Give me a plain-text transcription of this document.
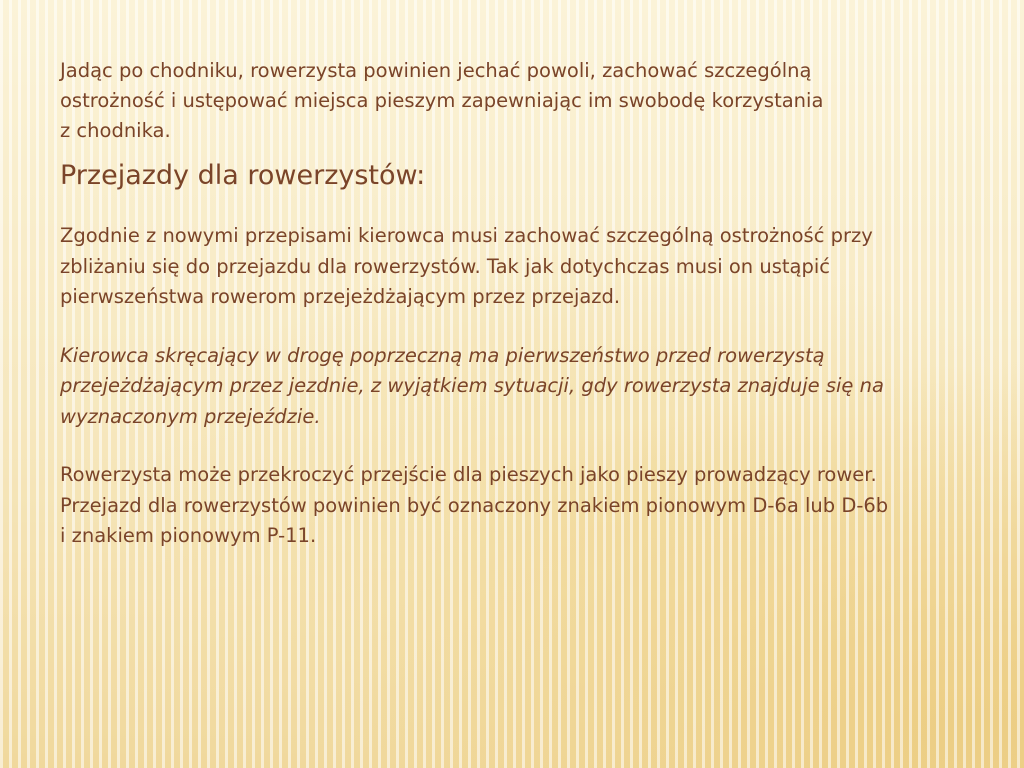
Jadąc po chodniku, rowerzysta powinien jechać powoli, zachować szczególną
ostrożność i ustępować miejsca pieszym zapewniając im swobodę korzystania
z chodnika.

Przejazdy dla rowerzystów:

Zgodnie z nowymi przepisami kierowca musi zachować szczególną ostrożność przy
zbliżaniu się do przejazdu dla rowerzystów. Tak jak dotychczas musi on ustąpić
pierwszeństwa rowerom przejeżdżającym przez przejazd.

Kierowca skręcający w drogę poprzeczną ma pierwszeństwo przed rowerzystą
przejeżdżającym przez jezdnie, z wyjątkiem sytuacji, gdy rowerzysta znajduje się na
wyznaczonym przejeździe.

Rowerzysta może przekroczyć przejście dla pieszych jako pieszy prowadzący rower.
Przejazd dla rowerzystów powinien być oznaczony znakiem pionowym D-6a lub D-6b
i znakiem pionowym P-11.
